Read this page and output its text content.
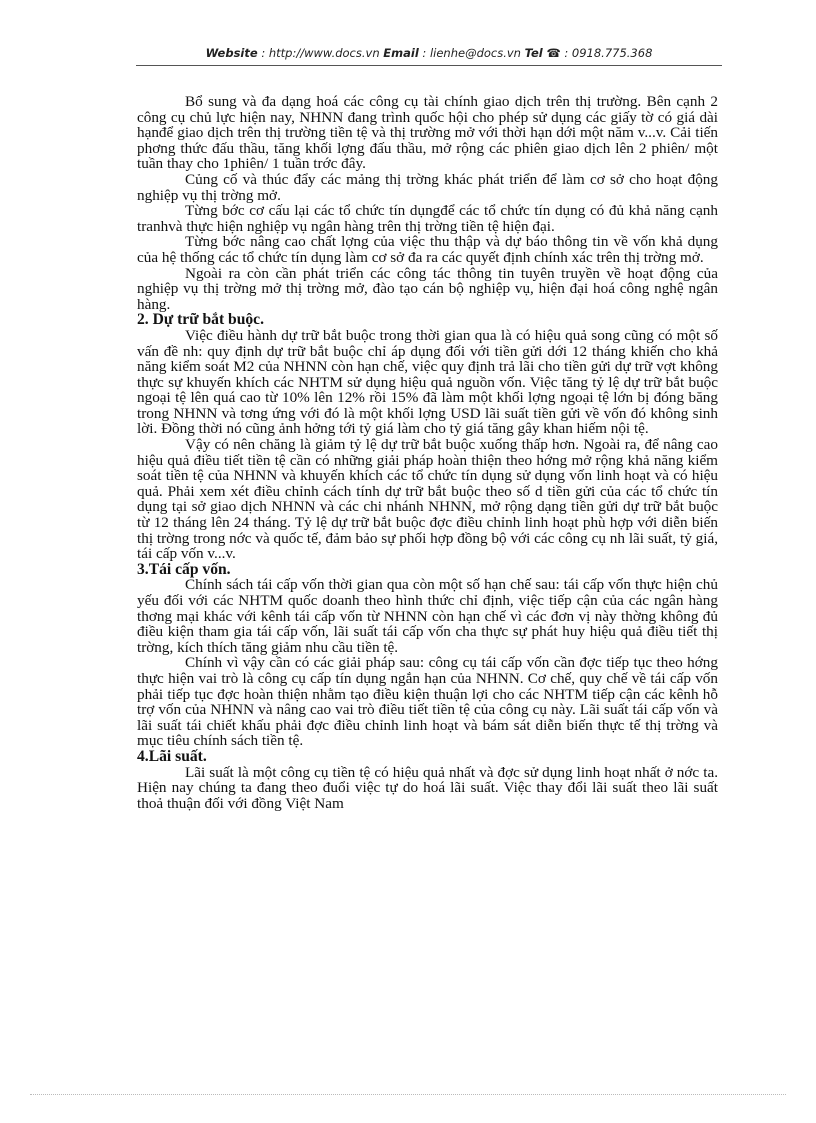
Website : http://www.docs.vn Email : lienhe@docs.vn Tel ☎ : 0918.775.368

Bổ sung và đa dạng hoá các công cụ tài chính giao dịch trên thị trường. Bên cạnh 2 công cụ chủ lực hiện nay, NHNN đang trình quốc hội cho phép sử dụng các giấy tờ có giá dài hạnđể giao dịch trên thị trường tiền tệ và thị trường mở với thời hạn dới một năm v...v. Cải tiến phơng thức đấu thầu, tăng khối lợng đấu thầu, mở rộng các phiên giao dịch lên 2 phiên/ một tuần thay cho 1phiên/ 1 tuần trớc đây.

Củng cố và thúc đẩy các mảng thị trờng khác phát triển để làm cơ sở cho hoạt động nghiệp vụ thị trờng mở.

Từng bớc cơ cấu lại các tổ chức tín dụngđể các tổ chức tín dụng có đủ khả năng cạnh tranhvà thực hiện nghiệp vụ ngân hàng trên thị trờng tiền tệ hiện đại.

Từng bớc nâng cao chất lợng của việc thu thập và dự báo thông tin về vốn khả dụng của hệ thống các tổ chức tín dụng làm cơ sở đa ra các quyết định chính xác trên thị trờng mở.

Ngoài ra còn cần phát triển các công tác thông tin tuyên truyền về hoạt động của nghiệp vụ thị trờng mở thị trờng mở, đào tạo cán bộ nghiệp vụ, hiện đại hoá công nghệ ngân hàng.

2. Dự trữ bắt buộc.

Việc điều hành dự trữ bắt buộc trong thời gian qua là có hiệu quả song cũng có một số vấn đề nh: quy định dự trữ bắt buộc chỉ áp dụng đối với tiền gửi dới 12 tháng khiến cho khả năng kiểm soát M2 của NHNN còn hạn chế, việc quy định trả lãi cho tiền gửi dự trữ vợt không thực sự khuyến khích các NHTM sử dụng hiệu quả nguồn vốn. Việc tăng tỷ lệ dự trữ bắt buộc ngoại tệ lên quá cao từ 10% lên 12% rồi 15% đã làm một khối lợng ngoại tệ lớn bị đóng băng trong NHNN và tơng ứng với đó là một khối lợng USD lãi suất tiền gửi về vốn đó không sinh lời. Đồng thời nó cũng ảnh hởng tới tỷ giá làm cho tỷ giá tăng gây khan hiếm nội tệ.

Vậy có nên chăng là giảm tỷ lệ dự trữ bắt buộc xuống thấp hơn. Ngoài ra, để nâng cao hiệu quả điều tiết tiền tệ cần có những giải pháp hoàn thiện theo hớng mở rộng khả năng kiểm soát tiền tệ của NHNN và khuyến khích các tổ chức tín dụng sử dụng vốn linh hoạt và có hiệu quả. Phải xem xét điều chỉnh cách tính dự trữ bắt buộc theo số d tiền gửi của các tổ chức tín dụng tại sở giao dịch NHNN và các chi nhánh NHNN, mở rộng dạng tiền gửi dự trữ bắt buộc từ 12 tháng lên 24 tháng. Tỷ lệ dự trữ bắt buộc đợc điều chỉnh linh hoạt phù hợp với diễn biến thị trờng trong nớc và quốc tế, đảm bảo sự phối hợp đồng bộ với các công cụ nh lãi suất, tỷ giá, tái cấp vốn v...v.

3.Tái cấp vốn.

Chính sách tái cấp vốn thời gian qua còn một số hạn chế sau: tái cấp vốn thực hiện chủ yếu đối với các NHTM quốc doanh theo hình thức chỉ định, việc tiếp cận của các ngân hàng thơng mại khác với kênh tái cấp vốn từ NHNN còn hạn chế vì các đơn vị này thờng không đủ điều kiện tham gia tái cấp vốn, lãi suất tái cấp vốn cha thực sự phát huy hiệu quả điều tiết thị trờng, kích thích tăng giảm nhu cầu tiền tệ.

Chính vì vậy cần có các giải pháp sau: công cụ tái cấp vốn cần đợc tiếp tục theo hớng thực hiện vai trò là công cụ cấp tín dụng ngắn hạn của NHNN. Cơ chế, quy chế về tái cấp vốn phải tiếp tục đợc hoàn thiện nhằm tạo điều kiện thuận lợi cho các NHTM tiếp cận các kênh hỗ trợ vốn của NHNN và nâng cao vai trò điều tiết tiền tệ của công cụ này. Lãi suất tái cấp vốn và lãi suất tái chiết khấu phải đợc điều chỉnh linh hoạt và bám sát diễn biến thực tế thị trờng và mục tiêu chính sách tiền tệ.

4.Lãi suất.

Lãi suất là một công cụ tiền tệ có hiệu quả nhất và đợc sử dụng linh hoạt nhất ở nớc ta. Hiện nay chúng ta đang theo đuổi việc tự do hoá lãi suất. Việc thay đổi lãi suất theo lãi suất thoả thuận đối với đồng Việt Nam
